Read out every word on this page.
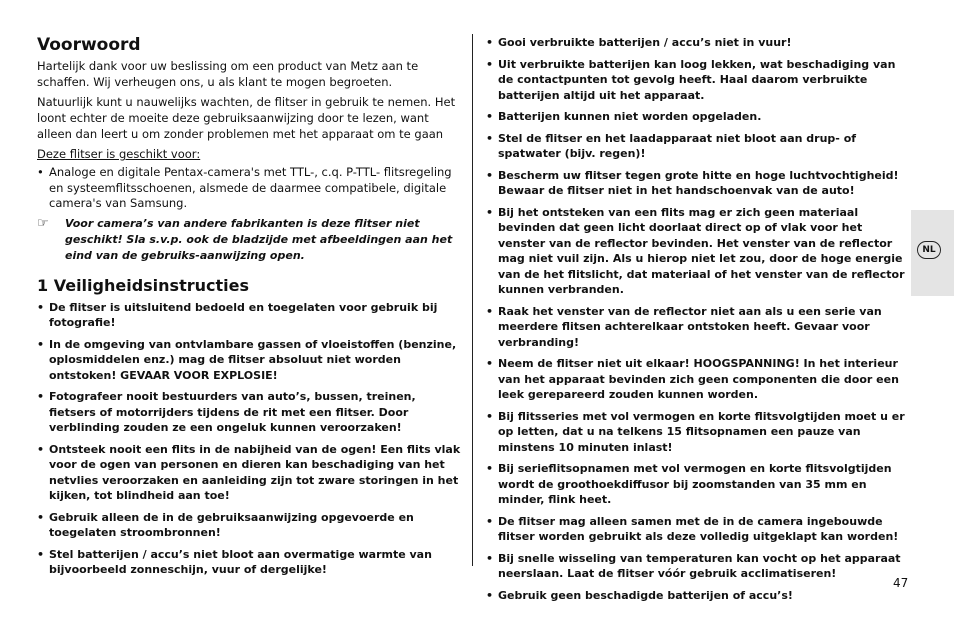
NL
47
Voorwoord

Hartelijk dank voor uw beslissing om een product van Metz aan te schaffen. Wij verheugen ons, u als klant te mogen begroeten.

Natuurlijk kunt u nauwelijks wachten, de flitser in gebruik te nemen. Het loont echter de moeite deze gebruiksaanwijzing door te lezen, want alleen dan leert u om zonder problemen met het apparaat om te gaan

Deze flitser is geschikt voor:
• Analoge en digitale Pentax-camera's met TTL-, c.q. P-TTL- flitsregeling en systeemflitsschoenen, alsmede de daarmee compatibele, digitale camera's van Samsung.
☞ Voor camera’s van andere fabrikanten is deze flitser niet geschikt! Sla s.v.p. ook de bladzijde met afbeeldingen aan het eind van de gebruiks-aanwijzing open.
1 Veiligheidsinstructies
• De flitser is uitsluitend bedoeld en toegelaten voor gebruik bij fotografie!
• In de omgeving van ontvlambare gassen of vloeistoffen (benzine, oplosmiddelen enz.) mag de flitser absoluut niet worden ontstoken! GEVAAR VOOR EXPLOSIE!
• Fotografeer nooit bestuurders van auto’s, bussen, treinen, fietsers of motorrijders tijdens de rit met een flitser. Door verblinding zouden ze een ongeluk kunnen veroorzaken!
• Ontsteek nooit een flits in de nabijheid van de ogen! Een flits vlak voor de ogen van personen en dieren kan beschadiging van het netvlies veroorzaken en aanleiding zijn tot zware storingen in het kijken, tot blindheid aan toe!
• Gebruik alleen de in de gebruiksaanwijzing opgevoerde en toegelaten stroombronnen!
• Stel batterijen / accu’s niet bloot aan overmatige warmte van bijvoorbeeld zonneschijn, vuur of dergelijke!
• Gooi verbruikte batterijen / accu’s niet in vuur!
• Uit verbruikte batterijen kan loog lekken, wat beschadiging van de contactpunten tot gevolg heeft. Haal daarom verbruikte batterijen altijd uit het apparaat.
• Batterijen kunnen niet worden opgeladen.
• Stel de flitser en het laadapparaat niet bloot aan drup- of spatwater (bijv. regen)!
• Bescherm uw flitser tegen grote hitte en hoge luchtvochtigheid! Bewaar de flitser niet in het handschoenvak van de auto!
• Bij het ontsteken van een flits mag er zich geen materiaal bevinden dat geen licht doorlaat direct op of vlak voor het venster van de reflector bevinden. Het venster van de reflector mag niet vuil zijn. Als u hierop niet let zou, door de hoge energie van de het flitslicht, dat materiaal of het venster van de reflector kunnen verbranden.
• Raak het venster van de reflector niet aan als u een serie van meerdere flitsen achterelkaar ontstoken heeft. Gevaar voor verbranding!
• Neem de flitser niet uit elkaar! HOOGSPANNING! In het interieur van het apparaat bevinden zich geen componenten die door een leek gerepareerd zouden kunnen worden.
• Bij flitsseries met vol vermogen en korte flitsvolgtijden moet u er op letten, dat u na telkens 15 flitsopnamen een pauze van minstens 10 minuten inlast!
• Bij serieflitsopnamen met vol vermogen en korte flitsvolgtijden wordt de groothoekdiffusor bij zoomstanden van 35 mm en minder, flink heet.
• De flitser mag alleen samen met de in de camera ingebouwde flitser worden gebruikt als deze volledig uitgeklapt kan worden!
• Bij snelle wisseling van temperaturen kan vocht op het apparaat neerslaan. Laat de flitser vóór gebruik acclimatiseren!
• Gebruik geen beschadigde batterijen of accu’s!
